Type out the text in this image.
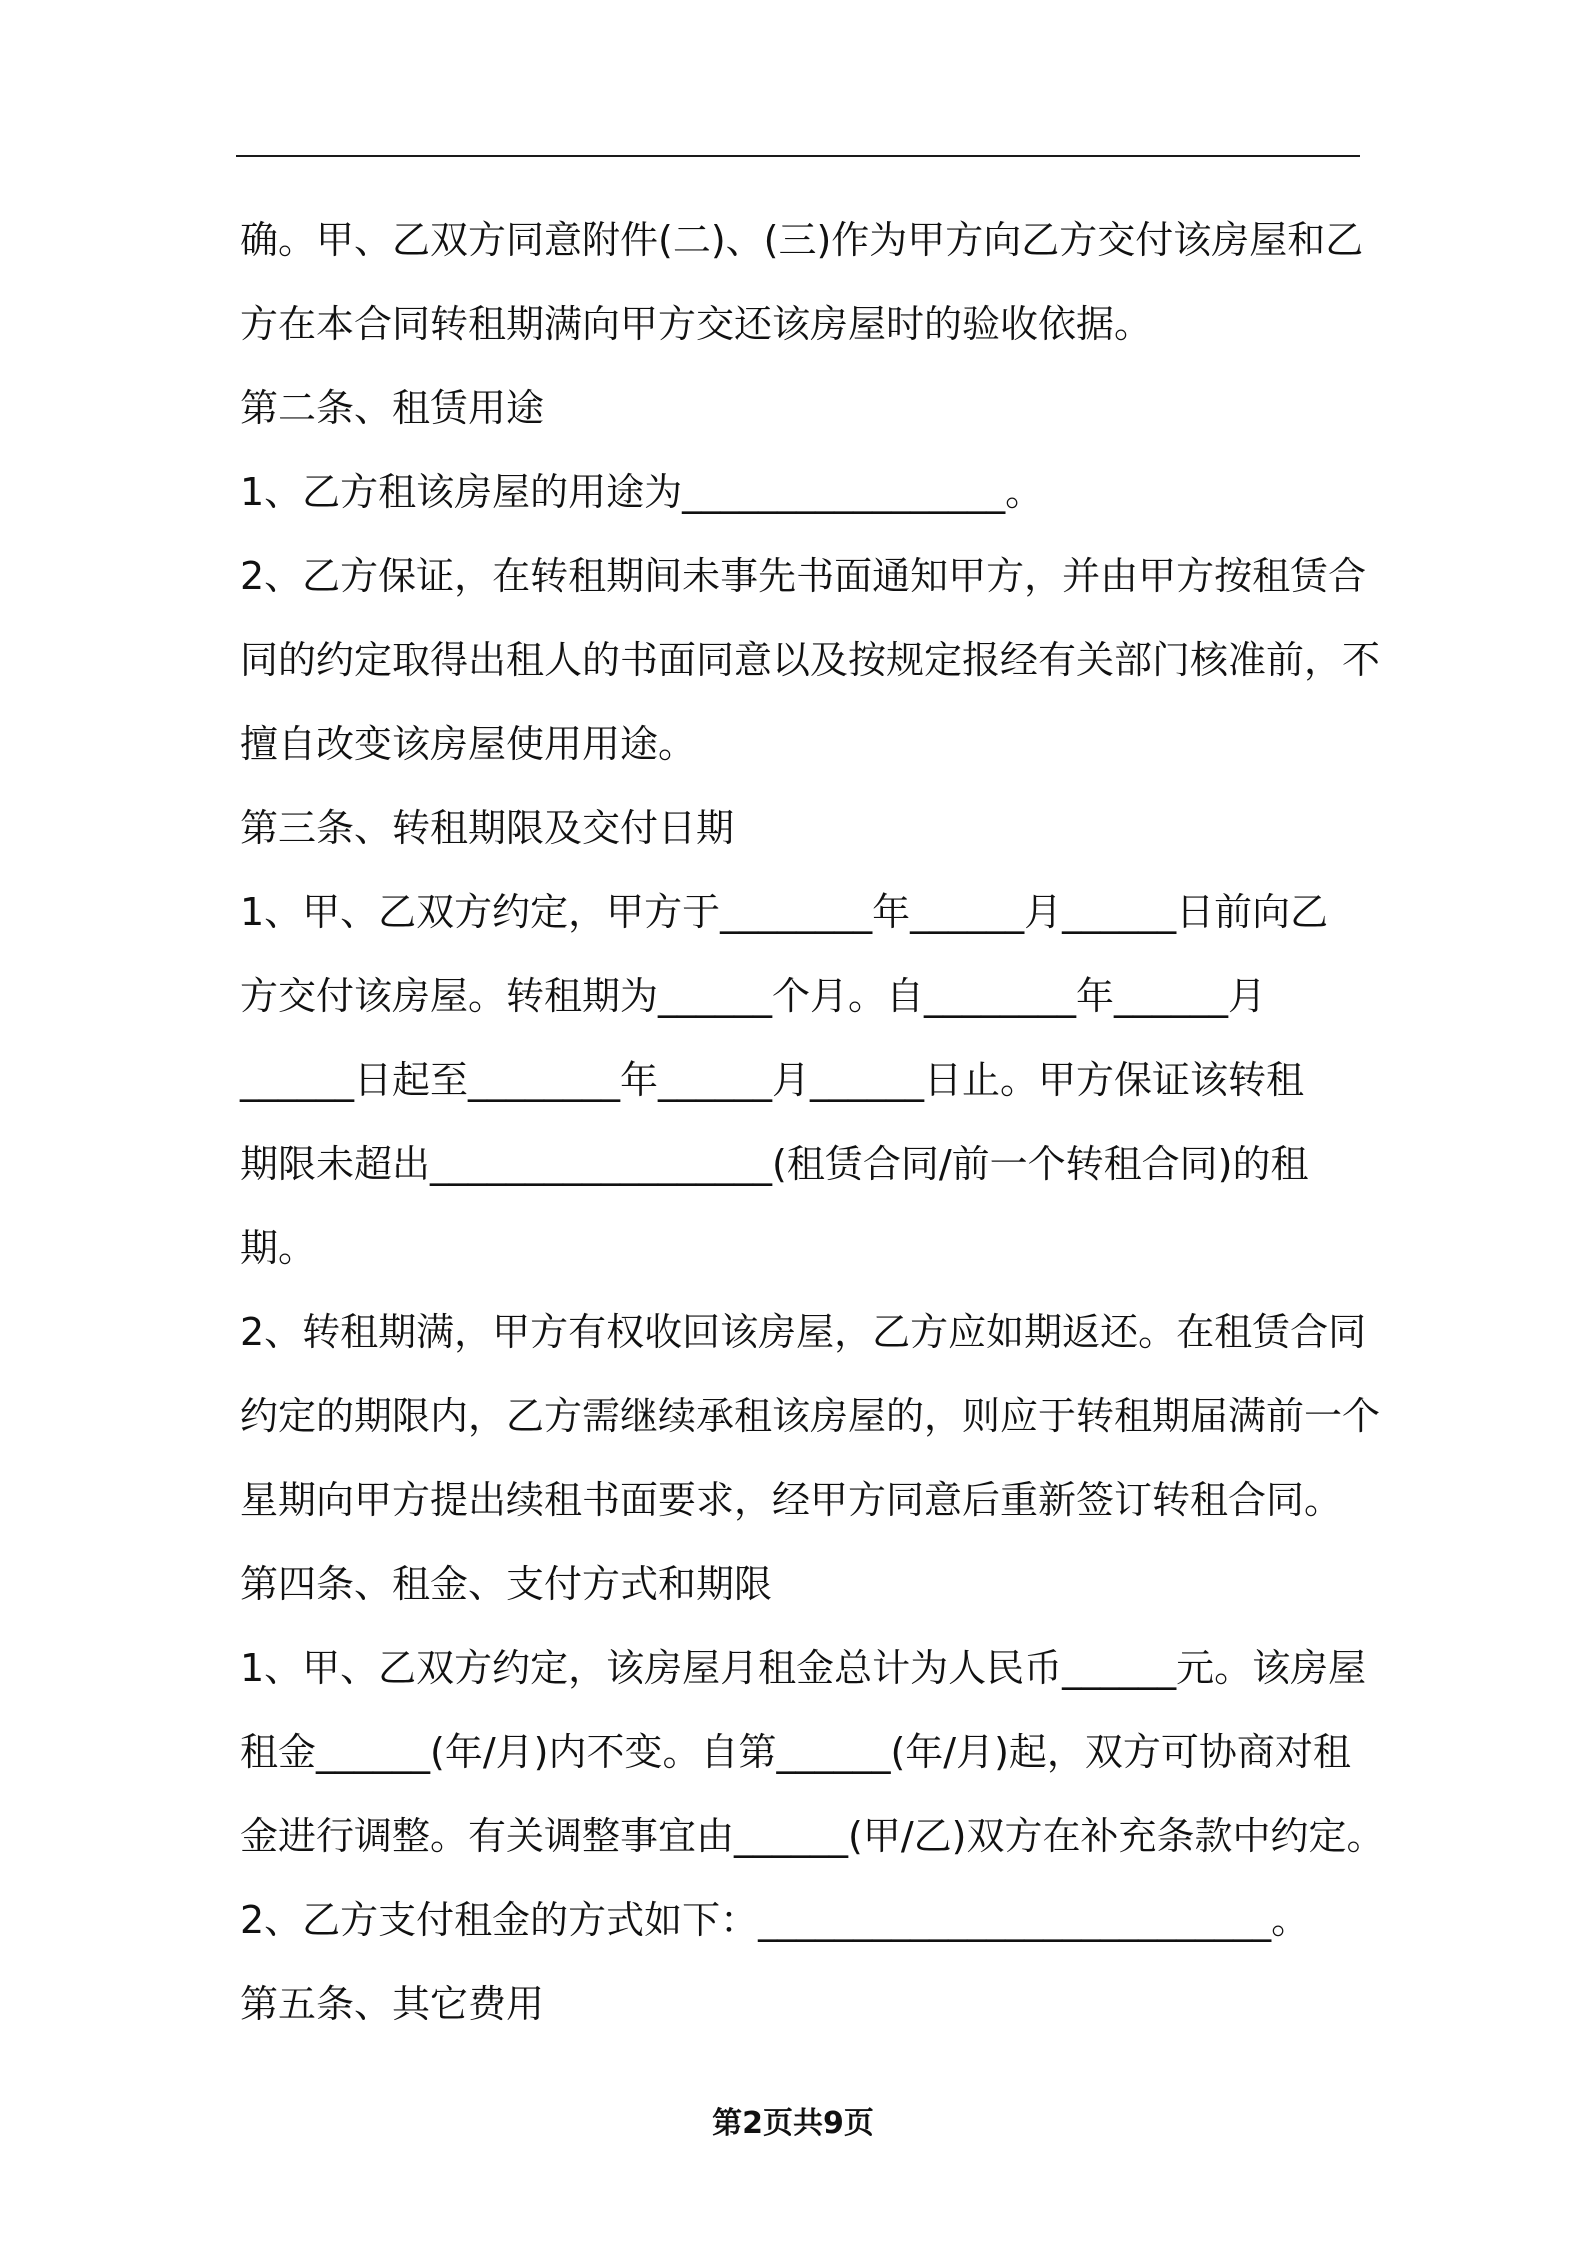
确。甲、乙双方同意附件(二)、(三)作为甲方向乙方交付该房屋和乙
方在本合同转租期满向甲方交还该房屋时的验收依据。
第二条、租赁用途
1、乙方租该房屋的用途为_________________。
2、乙方保证，在转租期间未事先书面通知甲方，并由甲方按租赁合
同的约定取得出租人的书面同意以及按规定报经有关部门核准前，不
擅自改变该房屋使用用途。
第三条、转租期限及交付日期
1、甲、乙双方约定，甲方于________年______月______日前向乙
方交付该房屋。转租期为______个月。自________年______月
______日起至________年______月______日止。甲方保证该转租
期限未超出__________________(租赁合同/前一个转租合同)的租
期。
2、转租期满，甲方有权收回该房屋，乙方应如期返还。在租赁合同
约定的期限内，乙方需继续承租该房屋的，则应于转租期届满前一个
星期向甲方提出续租书面要求，经甲方同意后重新签订转租合同。
第四条、租金、支付方式和期限
1、甲、乙双方约定，该房屋月租金总计为人民币______元。该房屋
租金______(年/月)内不变。自第______(年/月)起，双方可协商对租
金进行调整。有关调整事宜由______(甲/乙)双方在补充条款中约定。
2、乙方支付租金的方式如下：___________________________。
第五条、其它费用
第2页共9页
